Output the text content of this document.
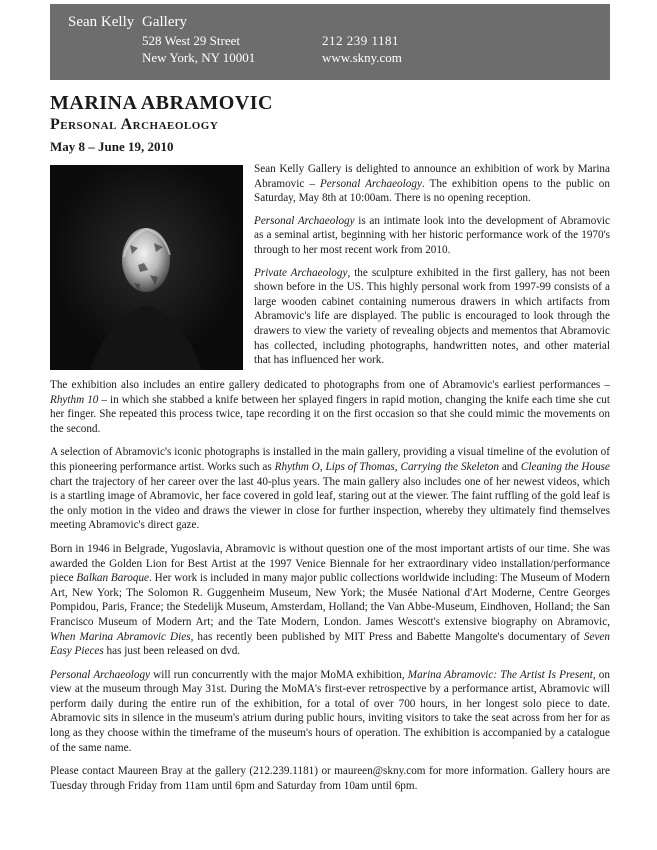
Sean Kelly Gallery
528 West 29 Street
New York, NY 10001
212 239 1181
www.skny.com
MARINA ABRAMOVIC
Personal Archaeology

May 8 – June 19, 2010

Sean Kelly Gallery is delighted to announce an exhibition of work by Marina Abramovic – Personal Archaeology. The exhibition opens to the public on Saturday, May 8th at 10:00am. There is no opening reception.

Personal Archaeology is an intimate look into the development of Abramovic as a seminal artist, beginning with her historic performance work of the 1970's through to her most recent work from 2010.

Private Archaeology, the sculpture exhibited in the first gallery, has not been shown before in the US. This highly personal work from 1997-99 consists of a large wooden cabinet containing numerous drawers in which artifacts from Abramovic's life are displayed. The public is encouraged to look through the drawers to view the variety of revealing objects and mementos that Abramovic has collected, including photographs, handwritten notes, and other material that has influenced her work.

The exhibition also includes an entire gallery dedicated to photographs from one of Abramovic's earliest performances – Rhythm 10 – in which she stabbed a knife between her splayed fingers in rapid motion, changing the knife each time she cut her finger. She repeated this process twice, tape recording it on the first occasion so that she could mimic the movements on the second.

A selection of Abramovic's iconic photographs is installed in the main gallery, providing a visual timeline of the evolution of this pioneering performance artist. Works such as Rhythm O, Lips of Thomas, Carrying the Skeleton and Cleaning the House chart the trajectory of her career over the last 40-plus years. The main gallery also includes one of her newest videos, which is a startling image of Abramovic, her face covered in gold leaf, staring out at the viewer. The faint ruffling of the gold leaf is the only motion in the video and draws the viewer in close for further inspection, whereby they ultimately find themselves meeting Abramovic's direct gaze.

Born in 1946 in Belgrade, Yugoslavia, Abramovic is without question one of the most important artists of our time. She was awarded the Golden Lion for Best Artist at the 1997 Venice Biennale for her extraordinary video installation/performance piece Balkan Baroque. Her work is included in many major public collections worldwide including: The Museum of Modern Art, New York; The Solomon R. Guggenheim Museum, New York; the Musée National d'Art Moderne, Centre Georges Pompidou, Paris, France; the Stedelijk Museum, Amsterdam, Holland; the Van Abbe-Museum, Eindhoven, Holland; the San Francisco Museum of Modern Art; and the Tate Modern, London. James Wescott's extensive biography on Abramovic, When Marina Abramovic Dies, has recently been published by MIT Press and Babette Mangolte's documentary of Seven Easy Pieces has just been released on dvd.

Personal Archaeology will run concurrently with the major MoMA exhibition, Marina Abramovic: The Artist Is Present, on view at the museum through May 31st. During the MoMA's first-ever retrospective by a performance artist, Abramovic will perform daily during the entire run of the exhibition, for a total of over 700 hours, in her longest solo piece to date. Abramovic sits in silence in the museum's atrium during public hours, inviting visitors to take the seat across from her for as long as they choose within the timeframe of the museum's hours of operation. The exhibition is accompanied by a catalogue of the same name.

Please contact Maureen Bray at the gallery (212.239.1181) or maureen@skny.com for more information. Gallery hours are Tuesday through Friday from 11am until 6pm and Saturday from 10am until 6pm.
